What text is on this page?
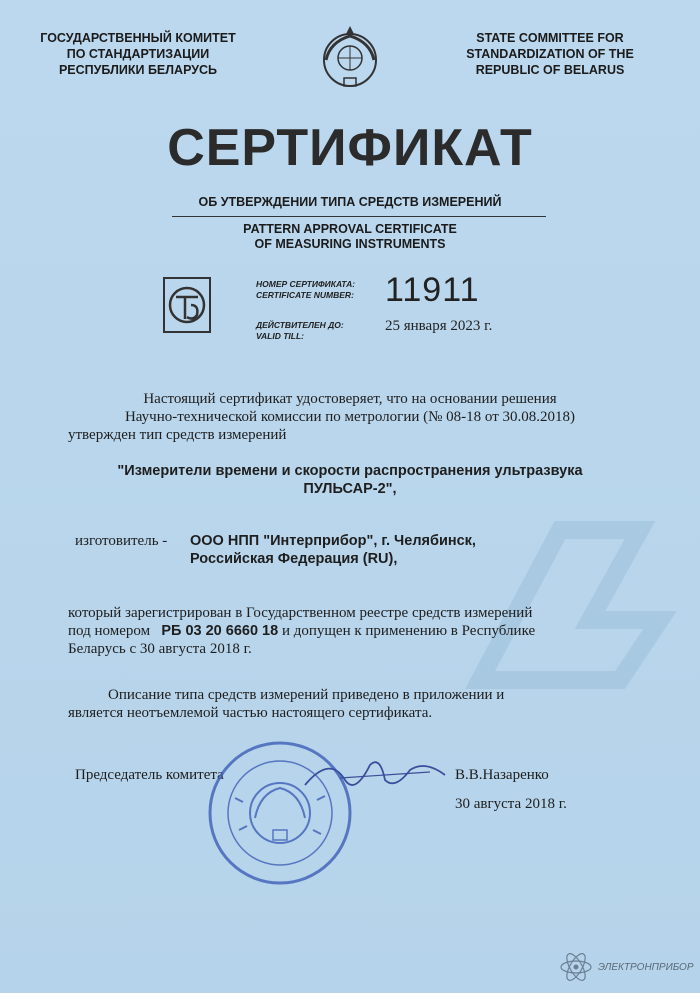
ГОСУДАРСТВЕННЫЙ КОМИТЕТ
ПО СТАНДАРТИЗАЦИИ
РЕСПУБЛИКИ БЕЛАРУСЬ
STATE COMMITTEE FOR
STANDARDIZATION OF THE
REPUBLIC OF BELARUS
СЕРТИФИКАТ
ОБ УТВЕРЖДЕНИИ ТИПА СРЕДСТВ ИЗМЕРЕНИЙ
PATTERN APPROVAL CERTIFICATE
OF MEASURING INSTRUMENTS
НОМЕР СЕРТИФИКАТА:
CERTIFICATE NUMBER: 11911
ДЕЙСТВИТЕЛЕН ДО:
VALID TILL:
25 января 2023 г.
Настоящий сертификат удостоверяет, что на основании решения
Научно-технической комиссии по метрологии (№ 08-18 от 30.08.2018)
утвержден тип средств измерений
"Измерители времени и скорости распространения ультразвука
ПУЛЬСАР-2",
изготовитель - ООО НПП "Интерприбор", г. Челябинск,
Российская Федерация (RU),
который зарегистрирован в Государственном реестре средств измерений
под номером РБ 03 20 6660 18 и допущен к применению в Республике
Беларусь с 30 августа 2018 г.
Описание типа средств измерений приведено в приложении и
является неотъемлемой частью настоящего сертификата.
Председатель комитета	В.В.Назаренко
30 августа 2018 г.
ЭЛЕКТРОНПРИБОР
